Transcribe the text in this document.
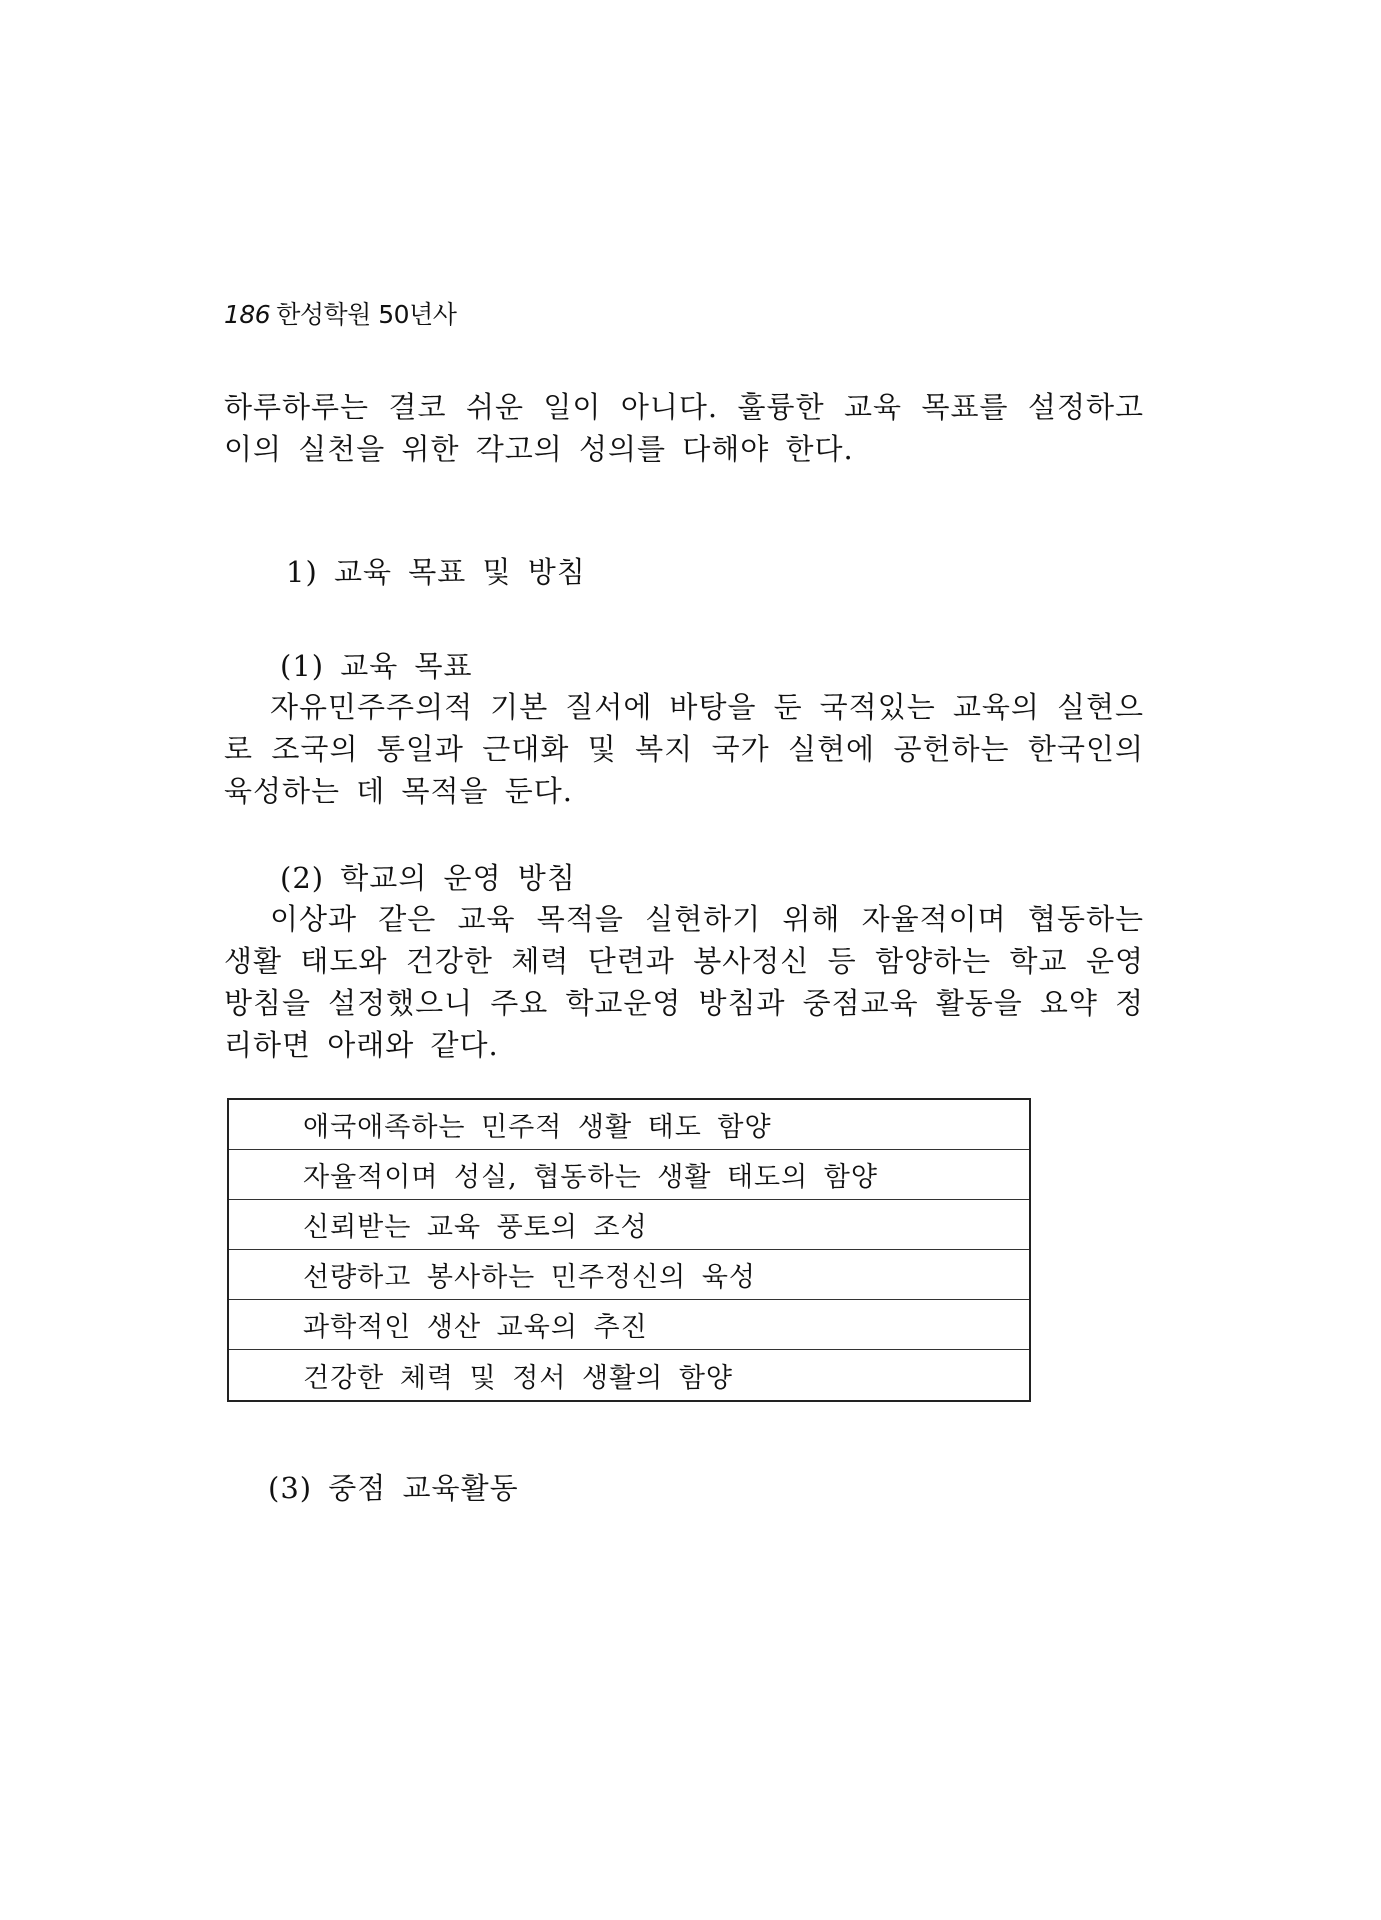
186 한성학원 50년사

하루하루는 결코 쉬운 일이 아니다. 훌륭한 교육 목표를 설정하고 이의 실천을 위한 각고의 성의를 다해야 한다.

1) 교육 목표 및 방침
(1) 교육 목표

자유민주주의적 기본 질서에 바탕을 둔 국적있는 교육의 실현으로 조국의 통일과 근대화 및 복지 국가 실현에 공헌하는 한국인의 육성하는 데 목적을 둔다.

(2) 학교의 운영 방침

이상과 같은 교육 목적을 실현하기 위해 자율적이며 협동하는 생활 태도와 건강한 체력 단련과 봉사정신 등 함양하는 학교 운영방침을 설정했으니 주요 학교운영 방침과 중점교육 활동을 요약 정리하면 아래와 같다.

애국애족하는 민주적 생활 태도 함양
자율적이며 성실, 협동하는 생활 태도의 함양
신뢰받는 교육 풍토의 조성
선량하고 봉사하는 민주정신의 육성
과학적인 생산 교육의 추진
건강한 체력 및 정서 생활의 함양
(3) 중점 교육활동
